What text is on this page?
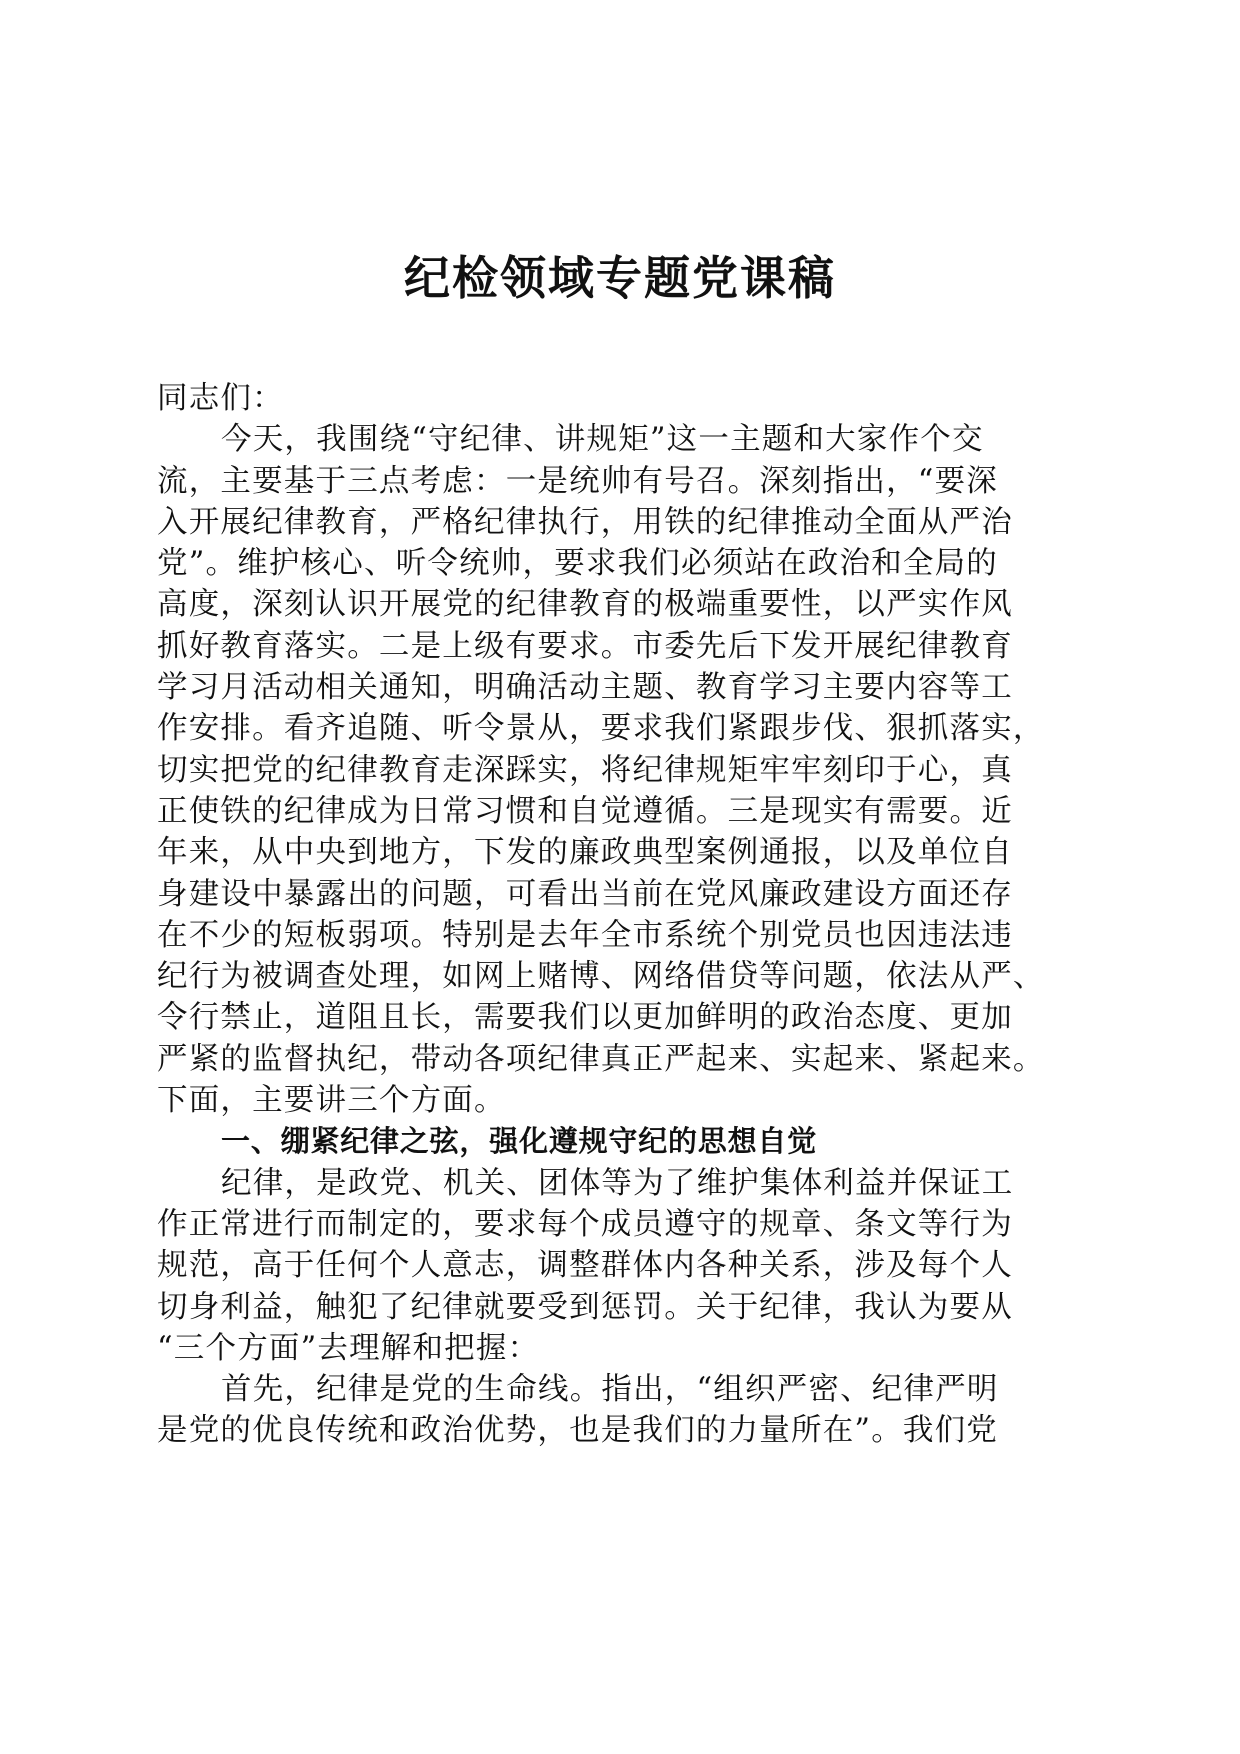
纪检领域专题党课稿
同志们：
今天，我围绕“守纪律、讲规矩”这一主题和大家作个交
流，主要基于三点考虑：一是统帅有号召。深刻指出，“要深
入开展纪律教育，严格纪律执行，用铁的纪律推动全面从严治
党”。维护核心、听令统帅，要求我们必须站在政治和全局的
高度，深刻认识开展党的纪律教育的极端重要性，以严实作风
抓好教育落实。二是上级有要求。市委先后下发开展纪律教育
学习月活动相关通知，明确活动主题、教育学习主要内容等工
作安排。看齐追随、听令景从，要求我们紧跟步伐、狠抓落实，
切实把党的纪律教育走深踩实，将纪律规矩牢牢刻印于心，真
正使铁的纪律成为日常习惯和自觉遵循。三是现实有需要。近
年来，从中央到地方，下发的廉政典型案例通报，以及单位自
身建设中暴露出的问题，可看出当前在党风廉政建设方面还存
在不少的短板弱项。特别是去年全市系统个别党员也因违法违
纪行为被调查处理，如网上赌博、网络借贷等问题，依法从严、
令行禁止，道阻且长，需要我们以更加鲜明的政治态度、更加
严紧的监督执纪，带动各项纪律真正严起来、实起来、紧起来。
下面，主要讲三个方面。
一、绷紧纪律之弦，强化遵规守纪的思想自觉
纪律，是政党、机关、团体等为了维护集体利益并保证工
作正常进行而制定的，要求每个成员遵守的规章、条文等行为
规范，高于任何个人意志，调整群体内各种关系，涉及每个人
切身利益，触犯了纪律就要受到惩罚。关于纪律，我认为要从
“三个方面”去理解和把握：
首先，纪律是党的生命线。指出，“组织严密、纪律严明
是党的优良传统和政治优势，也是我们的力量所在”。我们党
